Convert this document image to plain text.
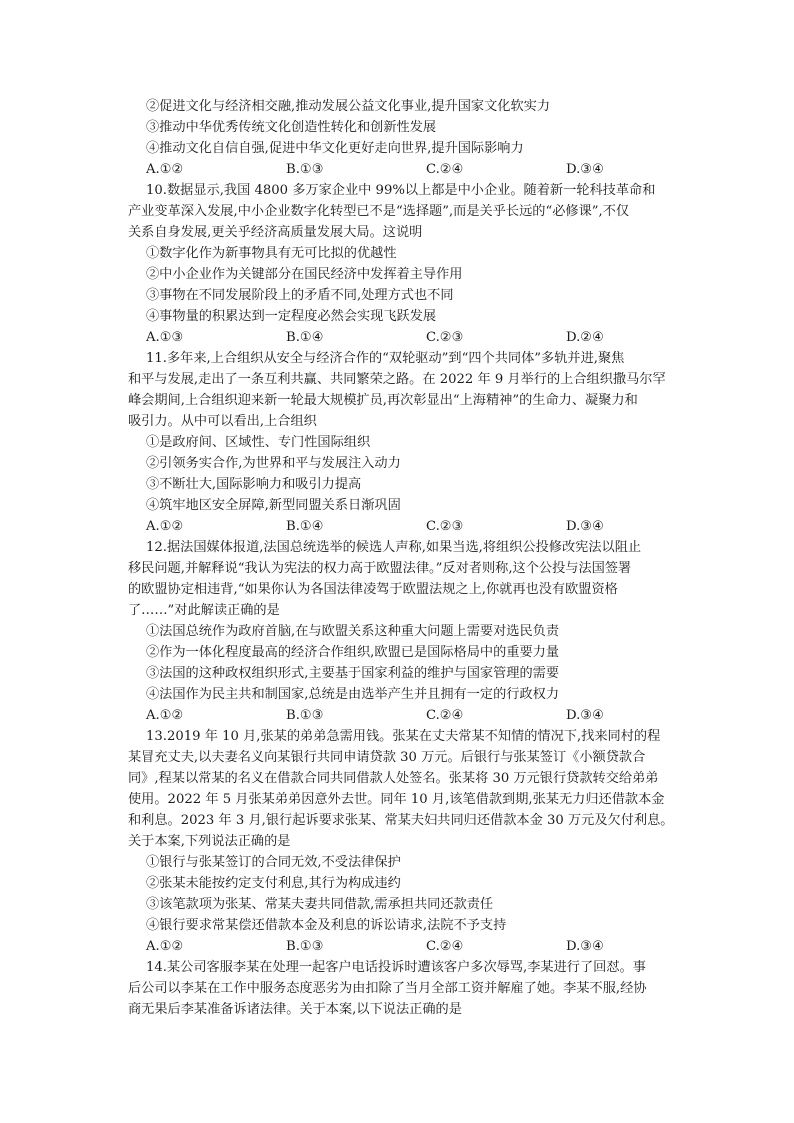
②促进文化与经济相交融,推动发展公益文化事业,提升国家文化软实力
③推动中华优秀传统文化创造性转化和创新性发展
④推动文化自信自强,促进中华文化更好走向世界,提升国际影响力
A.①②	B.①③	C.②④	D.③④
10.数据显示,我国 4800 多万家企业中 99%以上都是中小企业。随着新一轮科技革命和
产业变革深入发展,中小企业数字化转型已不是“选择题”,而是关乎长远的“必修课”,不仅
关系自身发展,更关乎经济高质量发展大局。这说明
①数字化作为新事物具有无可比拟的优越性
②中小企业作为关键部分在国民经济中发挥着主导作用
③事物在不同发展阶段上的矛盾不同,处理方式也不同
④事物量的积累达到一定程度必然会实现飞跃发展
A.①③	B.①④	C.②③	D.②④
11.多年来,上合组织从安全与经济合作的“双轮驱动”到“四个共同体”多轨并进,聚焦
和平与发展,走出了一条互利共赢、共同繁荣之路。在 2022 年 9 月举行的上合组织撒马尔罕
峰会期间,上合组织迎来新一轮最大规模扩员,再次彰显出“上海精神”的生命力、凝聚力和
吸引力。从中可以看出,上合组织
①是政府间、区域性、专门性国际组织
②引领务实合作,为世界和平与发展注入动力
③不断壮大,国际影响力和吸引力提高
④筑牢地区安全屏障,新型同盟关系日渐巩固
A.①②	B.①④	C.②③	D.③④
12.据法国媒体报道,法国总统选举的候选人声称,如果当选,将组织公投修改宪法以阻止
移民问题,并解释说“我认为宪法的权力高于欧盟法律。”反对者则称,这个公投与法国签署
的欧盟协定相违背,“如果你认为各国法律凌驾于欧盟法规之上,你就再也没有欧盟资格
了……”对此解读正确的是
①法国总统作为政府首脑,在与欧盟关系这种重大问题上需要对选民负责
②作为一体化程度最高的经济合作组织,欧盟已是国际格局中的重要力量
③法国的这种政权组织形式,主要基于国家利益的维护与国家管理的需要
④法国作为民主共和制国家,总统是由选举产生并且拥有一定的行政权力
A.①②	B.①③	C.②④	D.③④
13.2019 年 10 月,张某的弟弟急需用钱。张某在丈夫常某不知情的情况下,找来同村的程
某冒充丈夫,以夫妻名义向某银行共同申请贷款 30 万元。后银行与张某签订《小额贷款合
同》,程某以常某的名义在借款合同共同借款人处签名。张某将 30 万元银行贷款转交给弟弟
使用。2022 年 5 月张某弟弟因意外去世。同年 10 月,该笔借款到期,张某无力归还借款本金
和利息。2023 年 3 月,银行起诉要求张某、常某夫妇共同归还借款本金 30 万元及欠付利息。
关于本案,下列说法正确的是
①银行与张某签订的合同无效,不受法律保护
②张某未能按约定支付利息,其行为构成违约
③该笔款项为张某、常某夫妻共同借款,需承担共同还款责任
④银行要求常某偿还借款本金及利息的诉讼请求,法院不予支持
A.①②	B.①③	C.②④	D.③④
14.某公司客服李某在处理一起客户电话投诉时遭该客户多次辱骂,李某进行了回怼。事
后公司以李某在工作中服务态度恶劣为由扣除了当月全部工资并解雇了她。李某不服,经协
商无果后李某准备诉诸法律。关于本案,以下说法正确的是
